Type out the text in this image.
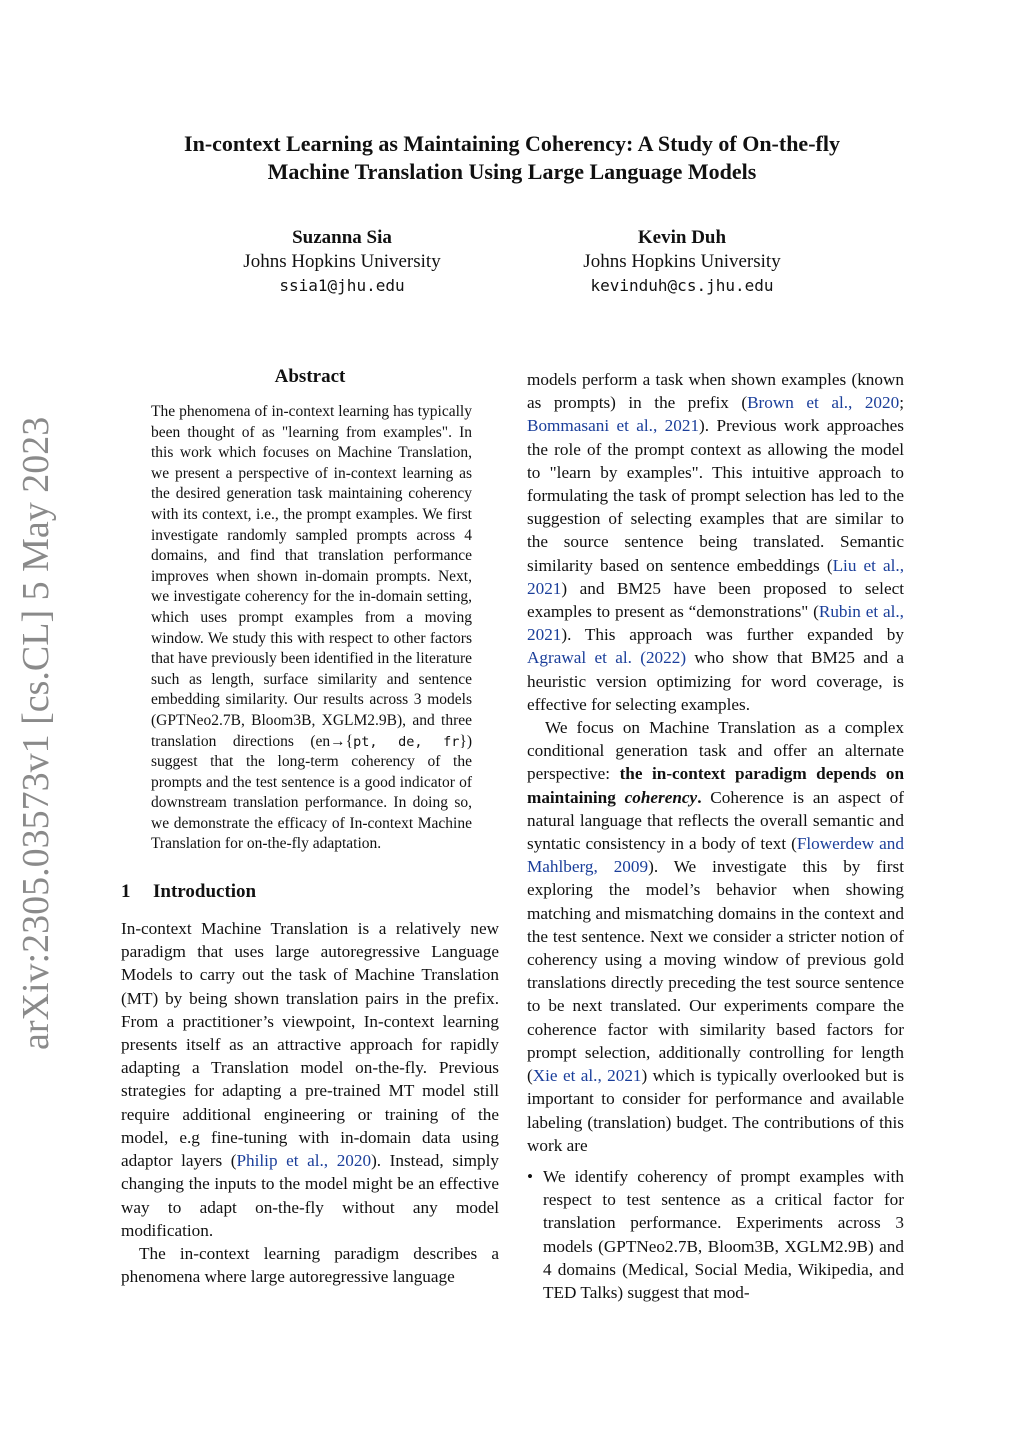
In-context Learning as Maintaining Coherency: A Study of On-the-fly
Machine Translation Using Large Language Models
Suzanna Sia
Johns Hopkins University
ssia1@jhu.edu
Kevin Duh
Johns Hopkins University
kevinduh@cs.jhu.edu
arXiv:2305.03573v1 [cs.CL] 5 May 2023
Abstract

The phenomena of in-context learning has typically been thought of as "learning from examples". In this work which focuses on Machine Translation, we present a perspective of in-context learning as the desired generation task maintaining coherency with its context, i.e., the prompt examples. We first investigate randomly sampled prompts across 4 domains, and find that translation performance improves when shown in-domain prompts. Next, we investigate coherency for the in-domain setting, which uses prompt examples from a moving window. We study this with respect to other factors that have previously been identified in the literature such as length, surface similarity and sentence embedding similarity. Our results across 3 models (GPTNeo2.7B, Bloom3B, XGLM2.9B), and three translation directions (en→{pt, de, fr}) suggest that the long-term coherency of the prompts and the test sentence is a good indicator of downstream translation performance. In doing so, we demonstrate the efficacy of In-context Machine Translation for on-the-fly adaptation.

1 Introduction

In-context Machine Translation is a relatively new paradigm that uses large autoregressive Language Models to carry out the task of Machine Translation (MT) by being shown translation pairs in the prefix. From a practitioner’s viewpoint, In-context learning presents itself as an attractive approach for rapidly adapting a Translation model on-the-fly. Previous strategies for adapting a pre-trained MT model still require additional engineering or training of the model, e.g fine-tuning with in-domain data using adaptor layers (Philip et al., 2020). Instead, simply changing the inputs to the model might be an effective way to adapt on-the-fly without any model modification.

The in-context learning paradigm describes a phenomena where large autoregressive language

models perform a task when shown examples (known as prompts) in the prefix (Brown et al., 2020; Bommasani et al., 2021). Previous work approaches the role of the prompt context as allowing the model to "learn by examples". This intuitive approach to formulating the task of prompt selection has led to the suggestion of selecting examples that are similar to the source sentence being translated. Semantic similarity based on sentence embeddings (Liu et al., 2021) and BM25 have been proposed to select examples to present as “demonstrations" (Rubin et al., 2021). This approach was further expanded by Agrawal et al. (2022) who show that BM25 and a heuristic version optimizing for word coverage, is effective for selecting examples.

We focus on Machine Translation as a complex conditional generation task and offer an alternate perspective: the in-context paradigm depends on maintaining coherency. Coherence is an aspect of natural language that reflects the overall semantic and syntatic consistency in a body of text (Flowerdew and Mahlberg, 2009). We investigate this by first exploring the model’s behavior when showing matching and mismatching domains in the context and the test sentence. Next we consider a stricter notion of coherency using a moving window of previous gold translations directly preceding the test source sentence to be next translated. Our experiments compare the coherence factor with similarity based factors for prompt selection, additionally controlling for length (Xie et al., 2021) which is typically overlooked but is important to consider for performance and available labeling (translation) budget. The contributions of this work are

• We identify coherency of prompt examples with respect to test sentence as a critical factor for translation performance. Experiments across 3 models (GPTNeo2.7B, Bloom3B, XGLM2.9B) and 4 domains (Medical, Social Media, Wikipedia, and TED Talks) suggest that mod-
